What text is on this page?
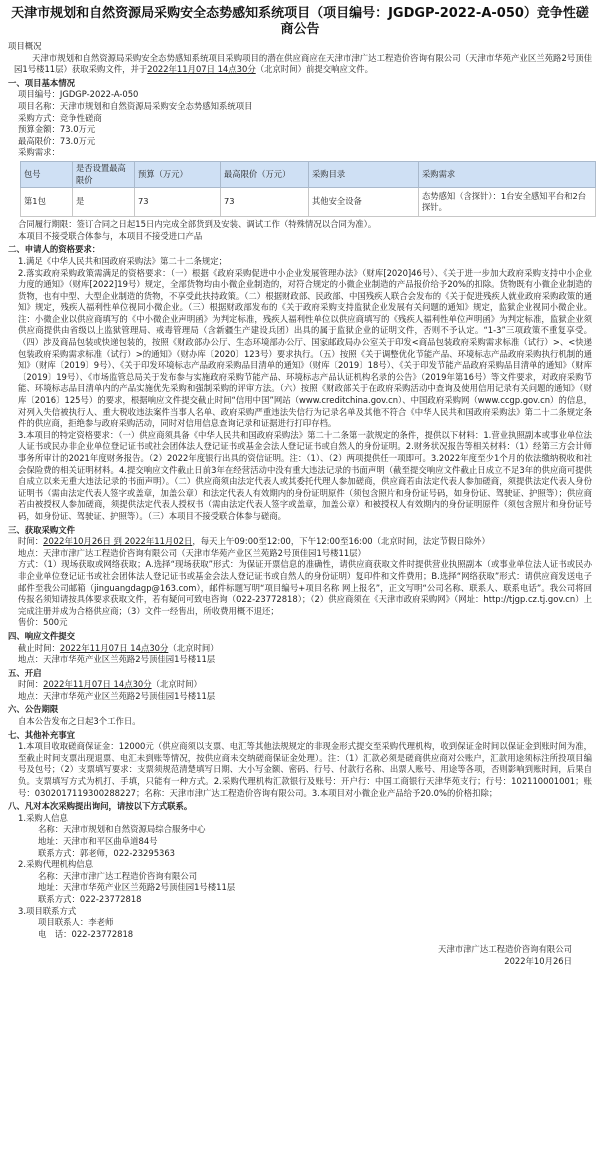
天津市规划和自然资源局采购安全态势感知系统项目（项目编号：JGDGP-2022-A-050）竞争性磋商公告
项目概况
天津市规划和自然资源局采购安全态势感知系统项目采购项目的潜在供应商应在天津市津广达工程造价咨询有限公司（天津市华苑产业区兰苑路2号顶佳园1号楼11层）获取采购文件，并于2022年11月07日 14点30分（北京时间）前提交响应文件。
一、项目基本情况
项目编号：JGDGP-2022-A-050
项目名称：天津市规划和自然资源局采购安全态势感知系统项目
采购方式：竞争性磋商
预算金额：73.0万元
最高限价：73.0万元
采购需求：
包号	是否设置最高限价	预算（万元）	最高限价（万元）	采购目录	采购需求
第1包	是	73	73	其他安全设备	态势感知（含探针）：1台安全感知平台和2台探针。
合同履行期限：签订合同之日起15日内完成全部货到及安装、调试工作（特殊情况以合同为准）。
本项目不接受联合体参与，本项目不接受进口产品
二、申请人的资格要求：
1.满足《中华人民共和国政府采购法》第二十二条规定；
2.落实政府采购政策需满足的资格要求：（一）根据《政府采购促进中小企业发展管理办法》（财库[2020]46号）、《关于进一步加大政府采购支持中小企业力度的通知》（财库[2022]19号）规定，全部货物均由小微企业制造的，对符合规定的小微企业制造的产品报价给予20%的扣除。货物既有小微企业制造的货物，也有中型、大型企业制造的货物，不享受此扶持政策。（二）根据财政部、民政部、中国残疾人联合会发布的《关于促进残疾人就业政府采购政策的通知》规定，残疾人福利性单位视同小微企业。（三）根据财政部发布的《关于政府采购支持监狱企业发展有关问题的通知》规定，监狱企业视同小微企业。注：小微企业以供应商填写的《中小微企业声明函》为判定标准，残疾人福利性单位以供应商填写的《残疾人福利性单位声明函》为判定标准，监狱企业须供应商提供由省级以上监狱管理局、戒毒管理局（含新疆生产建设兵团）出具的属于监狱企业的证明文件，否则不予认定。“1-3”三项政策不重复享受。（四）涉及商品包装或快递包装的，按照《财政部办公厅、生态环境部办公厅、国家邮政局办公室关于印发<商品包装政府采购需求标准（试行）>、<快递包装政府采购需求标准（试行）>的通知》（财办库〔2020〕123号）要求执行。（五）按照《关于调整优化节能产品、环境标志产品政府采购执行机制的通知》（财库〔2019〕9号）、《关于印发环境标志产品政府采购品目清单的通知》（财库〔2019〕18号）、《关于印发节能产品政府采购品目清单的通知》（财库〔2019〕19号）、《市场监管总局关于发布参与实施政府采购节能产品、环境标志产品认证机构名录的公告》（2019年第16号）等文件要求，对政府采购节能、环境标志品目清单内的产品实施优先采购和强制采购的评审方法。（六）按照《财政部关于在政府采购活动中查询及使用信用记录有关问题的通知》（财库〔2016〕125号）的要求，根据响应文件提交截止时间“信用中国”网站（www.creditchina.gov.cn）、中国政府采购网（www.ccgp.gov.cn）的信息，对列入失信被执行人、重大税收违法案件当事人名单、政府采购严重违法失信行为记录名单及其他不符合《中华人民共和国政府采购法》第二十二条规定条件的供应商，拒绝参与政府采购活动，同时对信用信息查询记录和证据进行打印存档。
3.本项目的特定资格要求：（一）供应商须具备《中华人民共和国政府采购法》第二十二条第一款规定的条件，提供以下材料：1.营业执照副本或事业单位法人证书或民办非企业单位登记证书或社会团体法人登记证书或基金会法人登记证书或自然人的身份证明。2.财务状况报告等相关材料：（1）经第三方会计师事务所审计的2021年度财务报告。（2）2022年度银行出具的资信证明。注：（1）、（2）两项提供任一项即可。3.2022年度至少1个月的依法缴纳税收和社会保险费的相关证明材料。4.提交响应文件截止日前3年在经营活动中没有重大违法记录的书面声明（截至提交响应文件截止日成立不足3年的供应商可提供自成立以来无重大违法记录的书面声明）。（二）供应商须由法定代表人或其委托代理人参加磋商，供应商若由法定代表人参加磋商，须提供法定代表人身份证明书（需由法定代表人签字或盖章，加盖公章）和法定代表人有效期内的身份证明原件（须包含照片和身份证号码，如身份证、驾驶证、护照等）；供应商若由被授权人参加磋商，须提供法定代表人授权书（需由法定代表人签字或盖章，加盖公章）和被授权人有效期内的身份证明原件（须包含照片和身份证号码，如身份证、驾驶证、护照等）。（三）本项目不接受联合体参与磋商。
三、获取采购文件
时间：2022年10月26日 到 2022年11月02日，每天上午09:00至12:00，下午12:00至16:00（北京时间，法定节假日除外）
地点：天津市津广达工程造价咨询有限公司（天津市华苑产业区兰苑路2号顶佳园1号楼11层）
方式：（1）现场获取或网络获取；A.选择“现场获取”形式：为保证开票信息的准确性，请供应商获取文件时提供营业执照副本（或事业单位法人证书或民办非企业单位登记证书或社会团体法人登记证书或基金会法人登记证书或自然人的身份证明）复印件和文件费用；B.选择“网络获取”形式：请供应商发送电子邮件至我公司邮箱（jinguangdagp@163.com），邮件标题写明“项目编号+项目名称 网上报名”，正文写明“公司名称、联系人、联系电话”。我公司将回传报名须知请按具体要求获取文件，若有疑问可致电咨询（022-23772818）；（2）供应商须在《天津市政府采购网》（网址：http://tjgp.cz.tj.gov.cn）上完成注册并成为合格供应商；（3）文件一经售出，所收费用概不退还；
售价：500元
四、响应文件提交
截止时间：2022年11月07日 14点30分（北京时间）
地点：天津市华苑产业区兰苑路2号顶佳园1号楼11层
五、开启
时间：2022年11月07日 14点30分（北京时间）
地点：天津市华苑产业区兰苑路2号顶佳园1号楼11层
六、公告期限
自本公告发布之日起3个工作日。
七、其他补充事宜
1.本项目收取磋商保证金：12000元（供应商须以支票、电汇等其他法规规定的非现金形式提交至采购代理机构，收到保证金时间以保证金到账时间为准，至截止时间支票出现退票、电汇未到账等情况，按供应商未交纳磋商保证金处理）。注：（1）汇款必须是磋商供应商对公账户，汇款用途须标注所投项目编号及包号；（2）支票填写要求：支票须规范清楚填写日期、大小写金额、密码、行号、付款行名称、出票人账号、用途等各项，否则影响到账时间，后果自负。支票填写方式为机打、手填，只能有一种方式。2.采购代理机构汇款银行及账号：开户行：中国工商银行天津华苑支行；行号：102110001001；账号：0302017119300288227；名称：天津市津广达工程造价咨询有限公司。3.本项目对小微企业产品给予20.0%的价格扣除；
八、凡对本次采购提出询问，请按以下方式联系。
1.采购人信息
名称：天津市规划和自然资源局综合服务中心
地址：天津市和平区曲阜道84号
联系方式：郭老师，022-23295363
2.采购代理机构信息
名称：天津市津广达工程造价咨询有限公司
地址：天津市华苑产业区兰苑路2号顶佳园1号楼11层
联系方式：022-23772818
3.项目联系方式
项目联系人：李老师
电　话：022-23772818
天津市津广达工程造价咨询有限公司
2022年10月26日
